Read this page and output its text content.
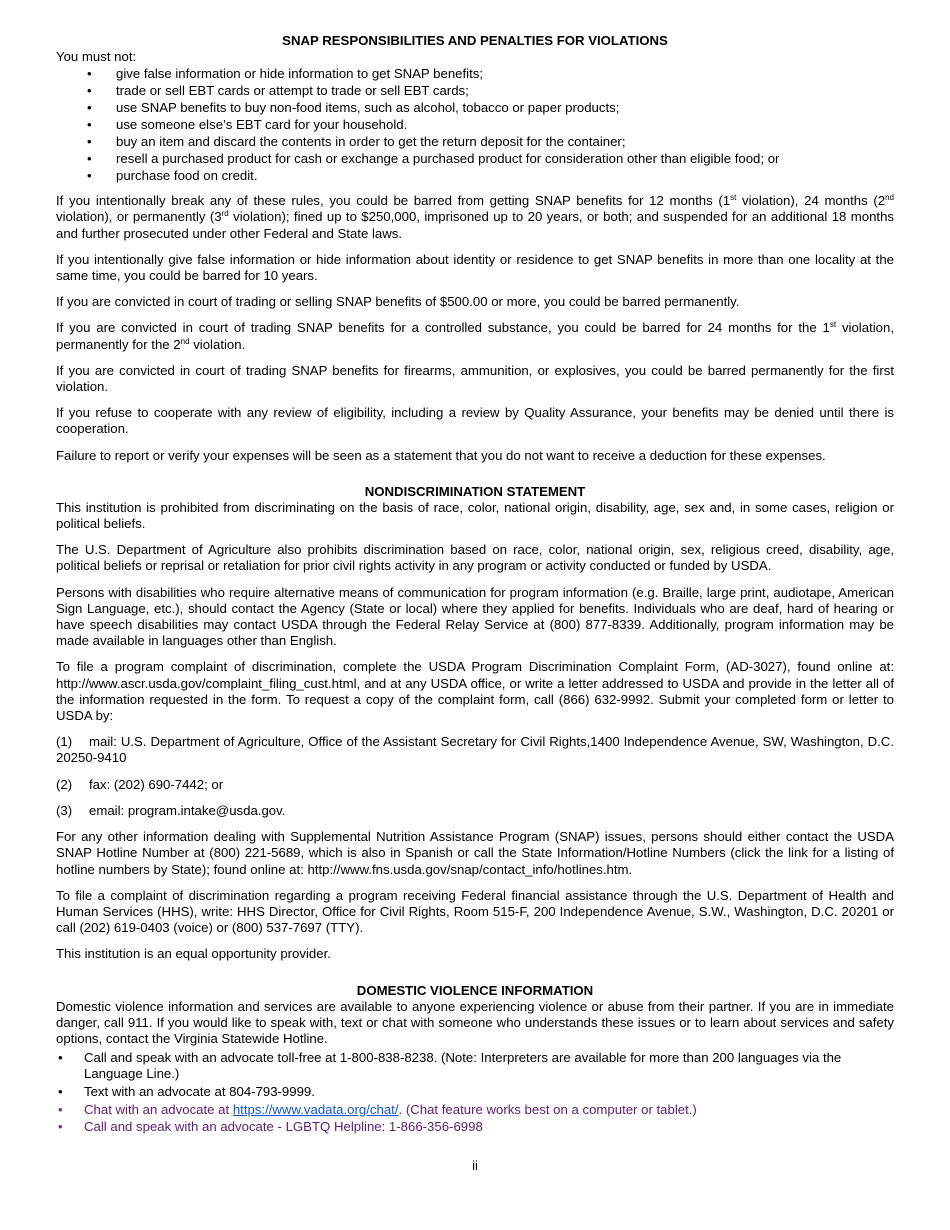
SNAP RESPONSIBILITIES AND PENALTIES FOR VIOLATIONS

You must not:

• give false information or hide information to get SNAP benefits;
• trade or sell EBT cards or attempt to trade or sell EBT cards;
• use SNAP benefits to buy non-food items, such as alcohol, tobacco or paper products;
• use someone else’s EBT card for your household.
• buy an item and discard the contents in order to get the return deposit for the container;
• resell a purchased product for cash or exchange a purchased product for consideration other than eligible food; or
• purchase food on credit.

If you intentionally break any of these rules, you could be barred from getting SNAP benefits for 12 months (1st violation), 24 months (2nd violation), or permanently (3rd violation); fined up to $250,000, imprisoned up to 20 years, or both; and suspended for an additional 18 months and further prosecuted under other Federal and State laws.

If you intentionally give false information or hide information about identity or residence to get SNAP benefits in more than one locality at the same time, you could be barred for 10 years.

If you are convicted in court of trading or selling SNAP benefits of $500.00 or more, you could be barred permanently.

If you are convicted in court of trading SNAP benefits for a controlled substance, you could be barred for 24 months for the 1st violation, permanently for the 2nd violation.

If you are convicted in court of trading SNAP benefits for firearms, ammunition, or explosives, you could be barred permanently for the first violation.

If you refuse to cooperate with any review of eligibility, including a review by Quality Assurance, your benefits may be denied until there is cooperation.

Failure to report or verify your expenses will be seen as a statement that you do not want to receive a deduction for these expenses.

NONDISCRIMINATION STATEMENT

This institution is prohibited from discriminating on the basis of race, color, national origin, disability, age, sex and, in some cases, religion or political beliefs.

The U.S. Department of Agriculture also prohibits discrimination based on race, color, national origin, sex, religious creed, disability, age, political beliefs or reprisal or retaliation for prior civil rights activity in any program or activity conducted or funded by USDA.

Persons with disabilities who require alternative means of communication for program information (e.g. Braille, large print, audiotape, American Sign Language, etc.), should contact the Agency (State or local) where they applied for benefits. Individuals who are deaf, hard of hearing or have speech disabilities may contact USDA through the Federal Relay Service at (800) 877-8339. Additionally, program information may be made available in languages other than English.

To file a program complaint of discrimination, complete the USDA Program Discrimination Complaint Form, (AD-3027), found online at: http://www.ascr.usda.gov/complaint_filing_cust.html, and at any USDA office, or write a letter addressed to USDA and provide in the letter all of the information requested in the form. To request a copy of the complaint form, call (866) 632-9992. Submit your completed form or letter to USDA by:

(1) mail: U.S. Department of Agriculture, Office of the Assistant Secretary for Civil Rights,1400 Independence Avenue, SW, Washington, D.C. 20250-9410

(2) fax: (202) 690-7442; or

(3) email: program.intake@usda.gov.

For any other information dealing with Supplemental Nutrition Assistance Program (SNAP) issues, persons should either contact the USDA SNAP Hotline Number at (800) 221-5689, which is also in Spanish or call the State Information/Hotline Numbers (click the link for a listing of hotline numbers by State); found online at: http://www.fns.usda.gov/snap/contact_info/hotlines.htm.

To file a complaint of discrimination regarding a program receiving Federal financial assistance through the U.S. Department of Health and Human Services (HHS), write: HHS Director, Office for Civil Rights, Room 515-F, 200 Independence Avenue, S.W., Washington, D.C. 20201 or call (202) 619-0403 (voice) or (800) 537-7697 (TTY).

This institution is an equal opportunity provider.

DOMESTIC VIOLENCE INFORMATION

Domestic violence information and services are available to anyone experiencing violence or abuse from their partner. If you are in immediate danger, call 911. If you would like to speak with, text or chat with someone who understands these issues or to learn about services and safety options, contact the Virginia Statewide Hotline.

• Call and speak with an advocate toll-free at 1-800-838-8238. (Note: Interpreters are available for more than 200 languages via the Language Line.)
• Text with an advocate at 804-793-9999.
• Chat with an advocate at https://www.vadata.org/chat/. (Chat feature works best on a computer or tablet.)
• Call and speak with an advocate - LGBTQ Helpline: 1-866-356-6998
ii
